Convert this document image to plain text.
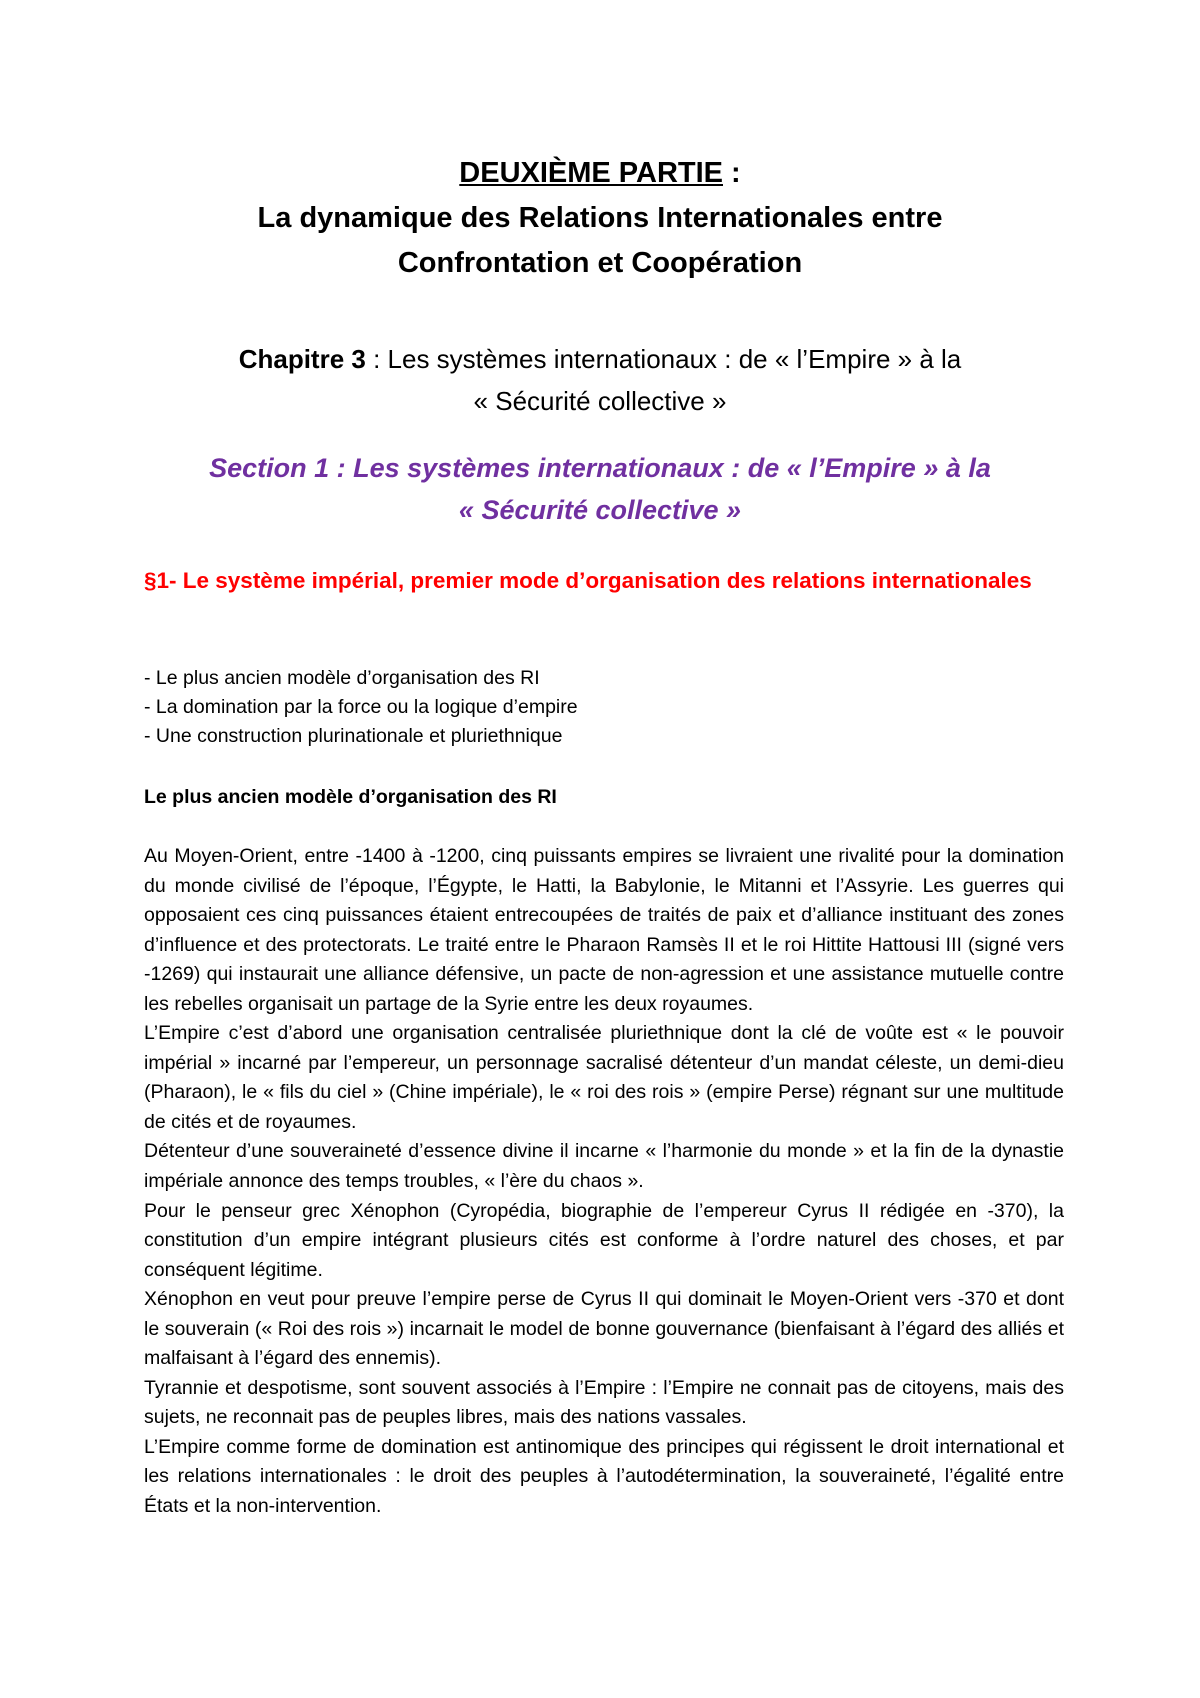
DEUXIÈME PARTIE :
La dynamique des Relations Internationales entre
Confrontation et Coopération
Chapitre 3 : Les systèmes internationaux : de « l’Empire » à la
« Sécurité collective »
Section 1 : Les systèmes internationaux : de « l’Empire » à la
« Sécurité collective »
§1- Le système impérial, premier mode d’organisation des relations internationales
- Le plus ancien modèle d’organisation des RI
- La domination par la force ou la logique d’empire
- Une construction plurinationale et pluriethnique
Le plus ancien modèle d’organisation des RI

Au Moyen-Orient, entre -1400 à -1200, cinq puissants empires se livraient une rivalité pour la domination du monde civilisé de l’époque, l’Égypte, le Hatti, la Babylonie, le Mitanni et l’Assyrie. Les guerres qui opposaient ces cinq puissances étaient entrecoupées de traités de paix et d’alliance instituant des zones d’influence et des protectorats. Le traité entre le Pharaon Ramsès II et le roi Hittite Hattousi III (signé vers -1269) qui instaurait une alliance défensive, un pacte de non-agression et une assistance mutuelle contre les rebelles organisait un partage de la Syrie entre les deux royaumes.

L’Empire c’est d’abord une organisation centralisée pluriethnique dont la clé de voûte est « le pouvoir impérial » incarné par l’empereur, un personnage sacralisé détenteur d’un mandat céleste, un demi-dieu (Pharaon), le « fils du ciel » (Chine impériale), le « roi des rois » (empire Perse) régnant sur une multitude de cités et de royaumes.

Détenteur d’une souveraineté d’essence divine il incarne « l’harmonie du monde » et la fin de la dynastie impériale annonce des temps troubles, « l’ère du chaos ».

Pour le penseur grec Xénophon (Cyropédia, biographie de l’empereur Cyrus II rédigée en -370), la constitution d’un empire intégrant plusieurs cités est conforme à l’ordre naturel des choses, et par conséquent légitime.

Xénophon en veut pour preuve l’empire perse de Cyrus II qui dominait le Moyen-Orient vers -370 et dont le souverain (« Roi des rois ») incarnait le model de bonne gouvernance (bienfaisant à l’égard des alliés et malfaisant à l’égard des ennemis).

Tyrannie et despotisme, sont souvent associés à l’Empire : l’Empire ne connait pas de citoyens, mais des sujets, ne reconnait pas de peuples libres, mais des nations vassales.

L’Empire comme forme de domination est antinomique des principes qui régissent le droit international et les relations internationales : le droit des peuples à l’autodétermination, la souveraineté, l’égalité entre États et la non-intervention.
